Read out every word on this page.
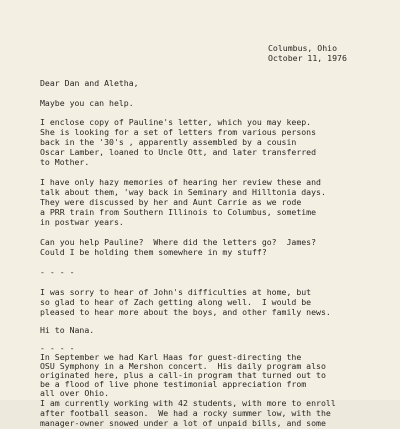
Columbus, Ohio
October 11, 1976
Dear Dan and Aletha,
Maybe you can help.
I enclose copy of Pauline's letter, which you may keep.
She is looking for a set of letters from various persons
back in the '30's , apparently assembled by a cousin
Oscar Lamber, loaned to Uncle Ott, and later transferred
to Mother.
I have only hazy memories of hearing her review these and
talk about them, 'way back in Seminary and Hilltonia days.
They were discussed by her and Aunt Carrie as we rode
a PRR train from Southern Illinois to Columbus, sometime
in postwar years.
Can you help Pauline?  Where did the letters go?  James?
Could I be holding them somewhere in my stuff?
- - - -
I was sorry to hear of John's difficulties at home, but
so glad to hear of Zach getting along well.  I would be
pleased to hear more about the boys, and other family news.
Hi to Nana.
- - - -
In September we had Karl Haas for guest-directing the
OSU Symphony in a Mershon concert.  His daily program also
originated here, plus a call-in program that turned out to
be a flood of live phone testimonial appreciation from
all over Ohio.
I am currently working with 42 students, with more to enroll
after football season.  We had a rocky summer low, with the
manager-owner snowed under a lot of unpaid bills, and some
